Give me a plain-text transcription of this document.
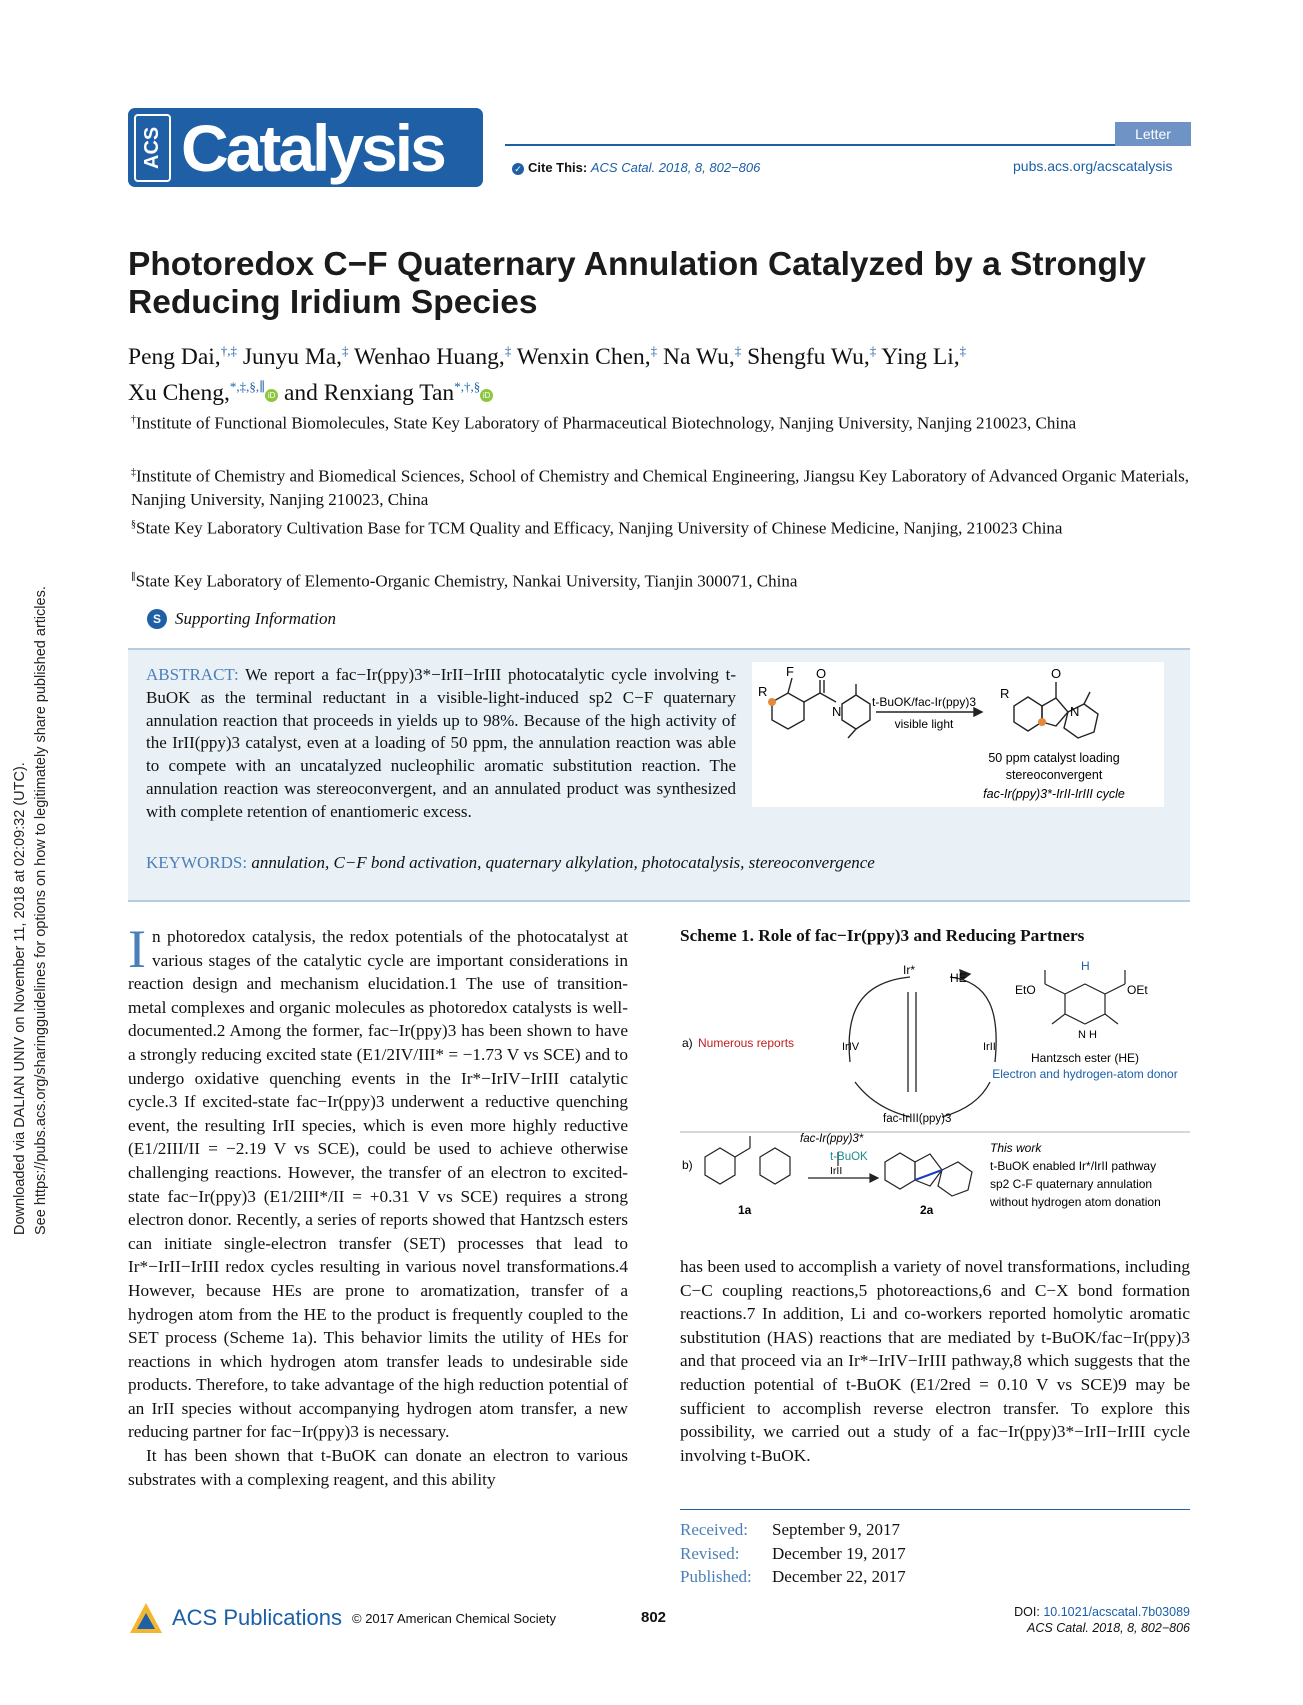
Downloaded via DALIAN UNIV on November 11, 2018 at 02:09:32 (UTC). See https://pubs.acs.org/sharingguidelines for options on how to legitimately share published articles.
ACS Catalysis	Letter
✓ Cite This: ACS Catal. 2018, 8, 802−806	pubs.acs.org/acscatalysis
Photoredox C−F Quaternary Annulation Catalyzed by a Strongly Reducing Iridium Species
Peng Dai,†,‡ Junyu Ma,‡ Wenhao Huang,‡ Wenxin Chen,‡ Na Wu,‡ Shengfu Wu,‡ Ying Li,‡
Xu Cheng,*,‡,§,∥iD and Renxiang Tan*,†,§iD
†Institute of Functional Biomolecules, State Key Laboratory of Pharmaceutical Biotechnology, Nanjing University, Nanjing 210023, China
‡Institute of Chemistry and Biomedical Sciences, School of Chemistry and Chemical Engineering, Jiangsu Key Laboratory of Advanced Organic Materials, Nanjing University, Nanjing 210023, China
§State Key Laboratory Cultivation Base for TCM Quality and Efficacy, Nanjing University of Chinese Medicine, Nanjing, 210023 China
∥State Key Laboratory of Elemento-Organic Chemistry, Nankai University, Tianjin 300071, China
S Supporting Information
ABSTRACT: We report a fac−Ir(ppy)3*−IrII−IrIII photocatalytic cycle involving t-BuOK as the terminal reductant in a visible-light-induced sp2 C−F quaternary annulation reaction that proceeds in yields up to 98%. Because of the high activity of the IrII(ppy)3 catalyst, even at a loading of 50 ppm, the annulation reaction was able to compete with an uncatalyzed nucleophilic aromatic substitution reaction. The annulation reaction was stereoconvergent, and an annulated product was synthesized with complete retention of enantiomeric excess.
KEYWORDS: annulation, C−F bond activation, quaternary alkylation, photocatalysis, stereoconvergence
R
F O
N
R
O
N
t-BuOK/fac-Ir(ppy)3
visible light
50 ppm catalyst loading
stereoconvergent
fac-Ir(ppy)3*-IrII-IrIII cycle

In photoredox catalysis, the redox potentials of the photocatalyst at various stages of the catalytic cycle are important considerations in reaction design and mechanism elucidation.1 The use of transition-metal complexes and organic molecules as photoredox catalysts is well-documented.2 Among the former, fac−Ir(ppy)3 has been shown to have a strongly reducing excited state (E1/2IV/III* = −1.73 V vs SCE) and to undergo oxidative quenching events in the Ir*−IrIV−IrIII catalytic cycle.3 If excited-state fac−Ir(ppy)3 underwent a reductive quenching event, the resulting IrII species, which is even more highly reductive (E1/2III/II = −2.19 V vs SCE), could be used to achieve otherwise challenging reactions. However, the transfer of an electron to excited-state fac−Ir(ppy)3 (E1/2III*/II = +0.31 V vs SCE) requires a strong electron donor. Recently, a series of reports showed that Hantzsch esters can initiate single-electron transfer (SET) processes that lead to Ir*−IrII−IrIII redox cycles resulting in various novel transformations.4 However, because HEs are prone to aromatization, transfer of a hydrogen atom from the HE to the product is frequently coupled to the SET process (Scheme 1a). This behavior limits the utility of HEs for reactions in which hydrogen atom transfer leads to undesirable side products. Therefore, to take advantage of the high reduction potential of an IrII species without accompanying hydrogen atom transfer, a new reducing partner for fac−Ir(ppy)3 is necessary.

It has been shown that t-BuOK can donate an electron to various substrates with a complexing reagent, and this ability

Scheme 1. Role of fac−Ir(ppy)3 and Reducing Partners
Ir*
HE
a) Numerous reports	IrIV	IrII
fac-IrIII(ppy)3
H
EtO	OEt
N H
Hantzsch ester (HE)
Electron and hydrogen-atom donor
b)
fac-Ir(ppy)3*
t-BuOK
IrII
1a	2a
This work
t-BuOK enabled Ir*/IrII pathway
sp2 C-F quaternary annulation
without hydrogen atom donation

has been used to accomplish a variety of novel transformations, including C−C coupling reactions,5 photoreactions,6 and C−X bond formation reactions.7 In addition, Li and co-workers reported homolytic aromatic substitution (HAS) reactions that are mediated by t-BuOK/fac−Ir(ppy)3 and that proceed via an Ir*−IrIV−IrIII pathway,8 which suggests that the reduction potential of t-BuOK (E1/2red = 0.10 V vs SCE)9 may be sufficient to accomplish reverse electron transfer. To explore this possibility, we carried out a study of a fac−Ir(ppy)3*−IrII−IrIII cycle involving t-BuOK.

Received: September 9, 2017
Revised: December 19, 2017
Published: December 22, 2017
ACS Publications © 2017 American Chemical Society	802	DOI: 10.1021/acscatal.7b03089
ACS Catal. 2018, 8, 802−806
